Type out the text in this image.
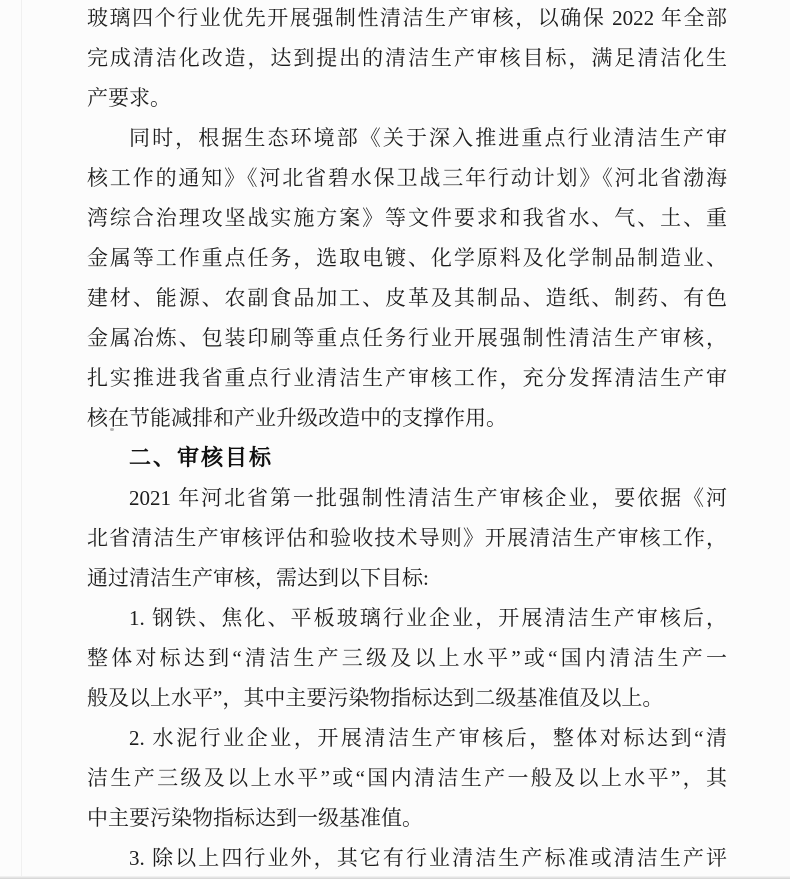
玻璃四个行业优先开展强制性清洁生产审核，以确保 2022 年全部
完成清洁化改造，达到提出的清洁生产审核目标，满足清洁化生
产要求。
同时，根据生态环境部《关于深入推进重点行业清洁生产审
核工作的通知》《河北省碧水保卫战三年行动计划》《河北省渤海
湾综合治理攻坚战实施方案》等文件要求和我省水、气、土、重
金属等工作重点任务，选取电镀、化学原料及化学制品制造业、
建材、能源、农副食品加工、皮革及其制品、造纸、制药、有色
金属冶炼、包装印刷等重点任务行业开展强制性清洁生产审核，
扎实推进我省重点行业清洁生产审核工作，充分发挥清洁生产审
核在节能减排和产业升级改造中的支撑作用。
二、审核目标
2021 年河北省第一批强制性清洁生产审核企业，要依据《河
北省清洁生产审核评估和验收技术导则》开展清洁生产审核工作，
通过清洁生产审核，需达到以下目标:
1. 钢铁、焦化、平板玻璃行业企业，开展清洁生产审核后，
整体对标达到“清洁生产三级及以上水平”或“国内清洁生产一
般及以上水平”，其中主要污染物指标达到二级基准值及以上。
2. 水泥行业企业，开展清洁生产审核后，整体对标达到“清
洁生产三级及以上水平”或“国内清洁生产一般及以上水平”，其
中主要污染物指标达到一级基准值。
3. 除以上四行业外，其它有行业清洁生产标准或清洁生产评
